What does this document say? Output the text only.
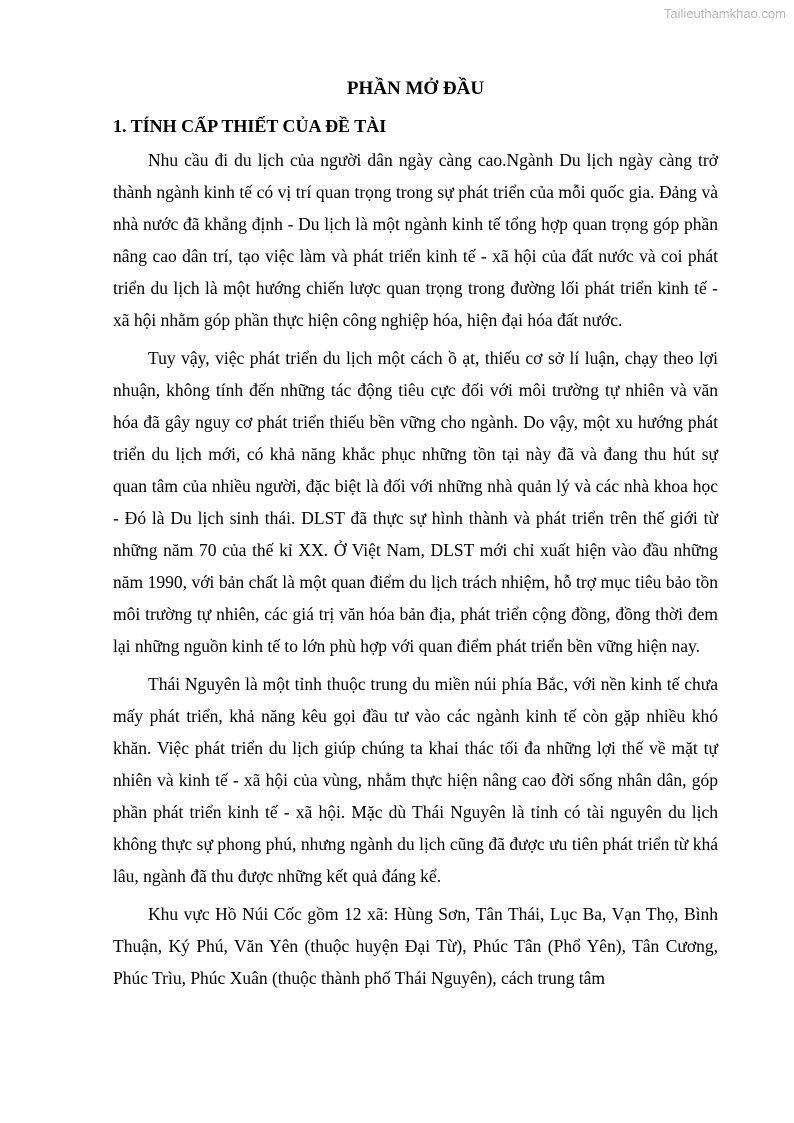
Tailieuthamkhao.com
PHẦN MỞ ĐẦU
1. TÍNH CẤP THIẾT CỦA ĐỀ TÀI

Nhu cầu đi du lịch của người dân ngày càng cao.Ngành Du lịch ngày càng trở thành ngành kinh tế có vị trí quan trọng trong sự phát triển của mỗi quốc gia. Đảng và nhà nước đã khẳng định - Du lịch là một ngành kinh tế tổng hợp quan trọng góp phần nâng cao dân trí, tạo việc làm và phát triển kinh tế - xã hội của đất nước và coi phát triển du lịch là một hướng chiến lược quan trọng trong đường lối phát triển kinh tế - xã hội nhằm góp phần thực hiện công nghiệp hóa, hiện đại hóa đất nước.

Tuy vậy, việc phát triển du lịch một cách ồ ạt, thiếu cơ sở lí luận, chạy theo lợi nhuận, không tính đến những tác động tiêu cực đối với môi trường tự nhiên và văn hóa đã gây nguy cơ phát triển thiếu bền vững cho ngành. Do vậy, một xu hướng phát triển du lịch mới, có khả năng khắc phục những tồn tại này đã và đang thu hút sự quan tâm của nhiều người, đặc biệt là đối với những nhà quản lý và các nhà khoa học - Đó là Du lịch sinh thái. DLST đã thực sự hình thành và phát triển trên thế giới từ những năm 70 của thế kỉ XX. Ở Việt Nam, DLST mới chỉ xuất hiện vào đầu những năm 1990, với bản chất là một quan điểm du lịch trách nhiệm, hỗ trợ mục tiêu bảo tồn môi trường tự nhiên, các giá trị văn hóa bản địa, phát triển cộng đồng, đồng thời đem lại những nguồn kinh tế to lớn phù hợp với quan điểm phát triển bền vững hiện nay.

Thái Nguyên là một tỉnh thuộc trung du miền núi phía Bắc, với nền kinh tế chưa mấy phát triển, khả năng kêu gọi đầu tư vào các ngành kinh tế còn gặp nhiều khó khăn. Việc phát triển du lịch giúp chúng ta khai thác tối đa những lợi thế về mặt tự nhiên và kinh tế - xã hội của vùng, nhằm thực hiện nâng cao đời sống nhân dân, góp phần phát triển kinh tế - xã hội. Mặc dù Thái Nguyên là tỉnh có tài nguyên du lịch không thực sự phong phú, nhưng ngành du lịch cũng đã được ưu tiên phát triển từ khá lâu, ngành đã thu được những kết quả đáng kể.

Khu vực Hồ Núi Cốc gồm 12 xã: Hùng Sơn, Tân Thái, Lục Ba, Vạn Thọ, Bình Thuận, Ký Phú, Văn Yên (thuộc huyện Đại Từ), Phúc Tân (Phổ Yên), Tân Cương, Phúc Trìu, Phúc Xuân (thuộc thành phố Thái Nguyên), cách trung tâm
